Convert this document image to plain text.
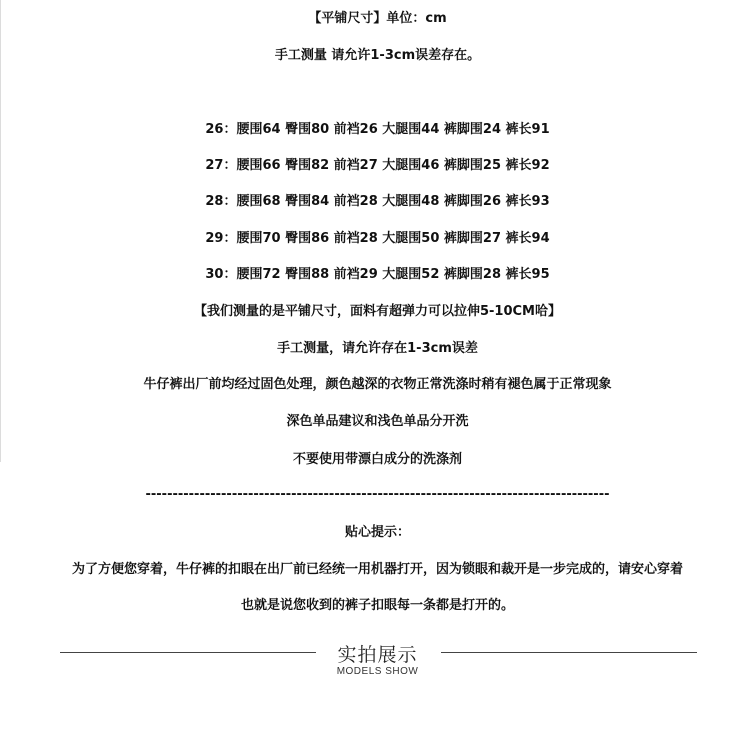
【平铺尺寸】单位：cm
手工测量 请允许1-3cm误差存在。
26：腰围64 臀围80 前裆26 大腿围44 裤脚围24 裤长91
27：腰围66 臀围82 前裆27 大腿围46 裤脚围25 裤长92
28：腰围68 臀围84 前裆28 大腿围48 裤脚围26 裤长93
29：腰围70 臀围86 前裆28 大腿围50 裤脚围27 裤长94
30：腰围72 臀围88 前裆29 大腿围52 裤脚围28 裤长95
【我们测量的是平铺尺寸，面料有超弹力可以拉伸5-10CM哈】
手工测量，请允许存在1-3cm误差
牛仔裤出厂前均经过固色处理，颜色越深的衣物正常洗涤时稍有褪色属于正常现象
深色单品建议和浅色单品分开洗
不要使用带漂白成分的洗涤剂
--------------------------------------------------------------------------------------
贴心提示：
为了方便您穿着，牛仔裤的扣眼在出厂前已经统一用机器打开，因为锁眼和裁开是一步完成的，请安心穿着
也就是说您收到的裤子扣眼每一条都是打开的。
实拍展示
MODELS SHOW
